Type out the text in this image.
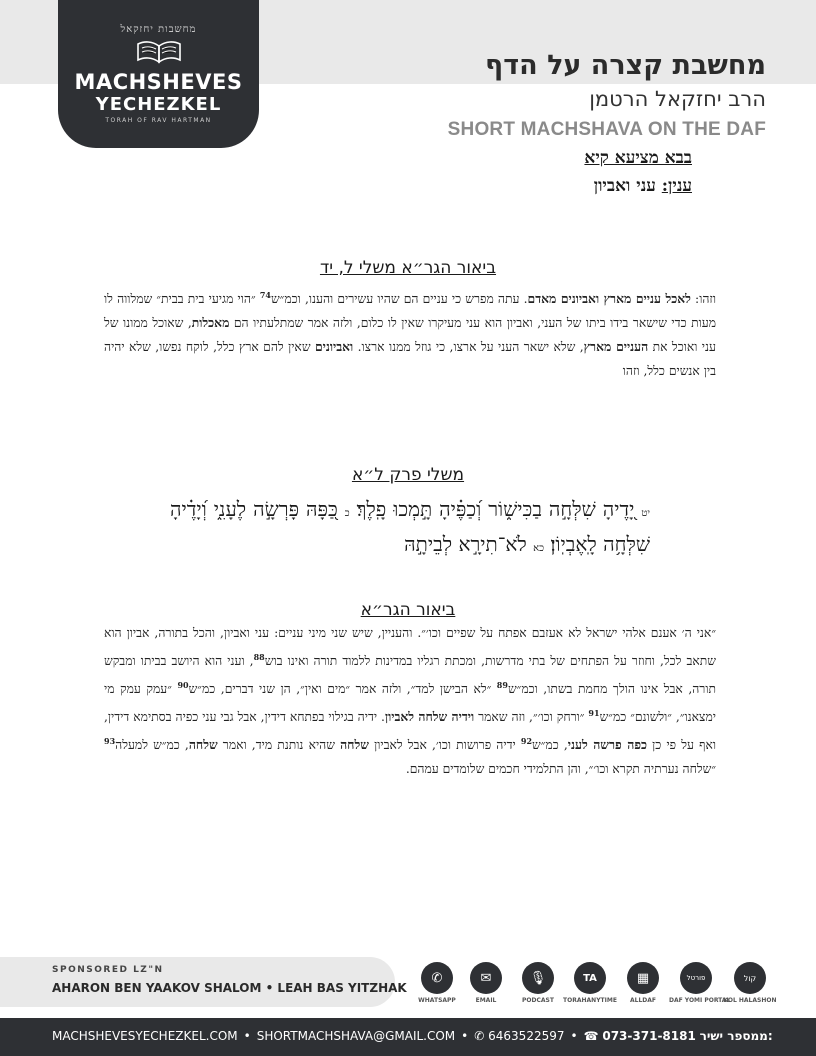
מחשבות יחזקאל
MACHSHEVES
YECHEZKEL
TORAH OF RAV HARTMAN
מחשבת קצרה על הדף
הרב יחזקאל הרטמן
SHORT MACHSHAVA ON THE DAF
בבא מציעא קיא
ענין: עני ואביון
ביאור הגר״א משלי ל, יד
וזהו: לאכל עניים מארץ ואביונים מאדם. עתה מפרש כי עניים הם שהיו עשירים והענו, וכמ״ש$^{74}$ ״הוי מגיעי בית בבית״ שמלווה לו מעות כדי שישאר בידו ביתו של העני, ואביון הוא עני מעיקרו שאין לו כלום, ולזה אמר שמתלעתיו הם מאכלות, שאוכל ממונו של עני ואוכל את העניים מארץ, שלא ישאר העני על ארצו, כי גוזל ממנו ארצו. ואביונים שאין להם ארץ כלל, לוקח נפשו, שלא יהיה בין אנשים כלל, וזהו
משלי פרק ל״א
יט יָ֭דֶיהָ שִׁלְּחָ֣ה בַכִּישׁ֑וֹר וְ֝כַפֶּ֗יהָ תָּ֣מְכוּ פָֽלֶךְ׃ כ כַּ֭פָּהּ פָּרְשָׂ֣ה לֶעָנִ֑י וְ֝יָדֶ֗יהָ שִׁלְּחָ֥ה לָֽאֶבְיֽוֹן׃ כא לֹא־תִירָ֣א לְבֵיתָ֣הּ
ביאור הגר״א
״אני ה׳ אענם אלהי ישראל לא אעזבם אפתח על שפיים וכו׳״. והעניין, שיש שני מיני עניים: עני ואביון, והכל בתורה, אביון הוא שתאב לכל, וחוזר על הפתחים של בתי מדרשות, ומכתת רגליו במדינות ללמוד תורה ואינו בוש$^{88}$, ועני הוא היושב בביתו ומבקש תורה, אבל אינו הולך מחמת בשתו, וכמ״ש$^{89}$ ״לא הבישן למד״, ולזה אמר ״מים ואין״, הן שני דברים, כמ״ש$^{90}$ ״עמק עמק מי ימצאנו״, ״ולשונם״ כמ״ש$^{91}$ ״ורחק וכו׳״, וזה שאמר וידיה שלחה לאביון. ידיה בגילוי בפתחא דידין, אבל גבי עני כפיה בסתימא דידין, ואף על פי כן כפה פרשה לעני, כמ״ש$^{92}$ ידיה פרושות וכו׳, אבל לאביון שלחה שהיא נותנת מיד, ואמר שלחה, כמ״ש למעלה$^{93}$ ״שלחה נערתיה תקרא וכו׳״, והן התלמידי חכמים שלומדים עמהם.
SPONSORED LZ"N
AHARON BEN YAAKOV SHALOM • LEAH BAS YITZHAK
✆
WHATSAPP
✉
EMAIL
🎙
PODCAST
TA
TORAHANYTIME
▦
ALLDAF
פורטל
DAF YOMI PORTAL
קול
KOL HALASHON
MACHSHEVESYECHEZKEL.COM • SHORTMACHSHAVA@GMAIL.COM • ✆ 6463522597 • ☎ 073-371-8181 ממספר ישיר:
